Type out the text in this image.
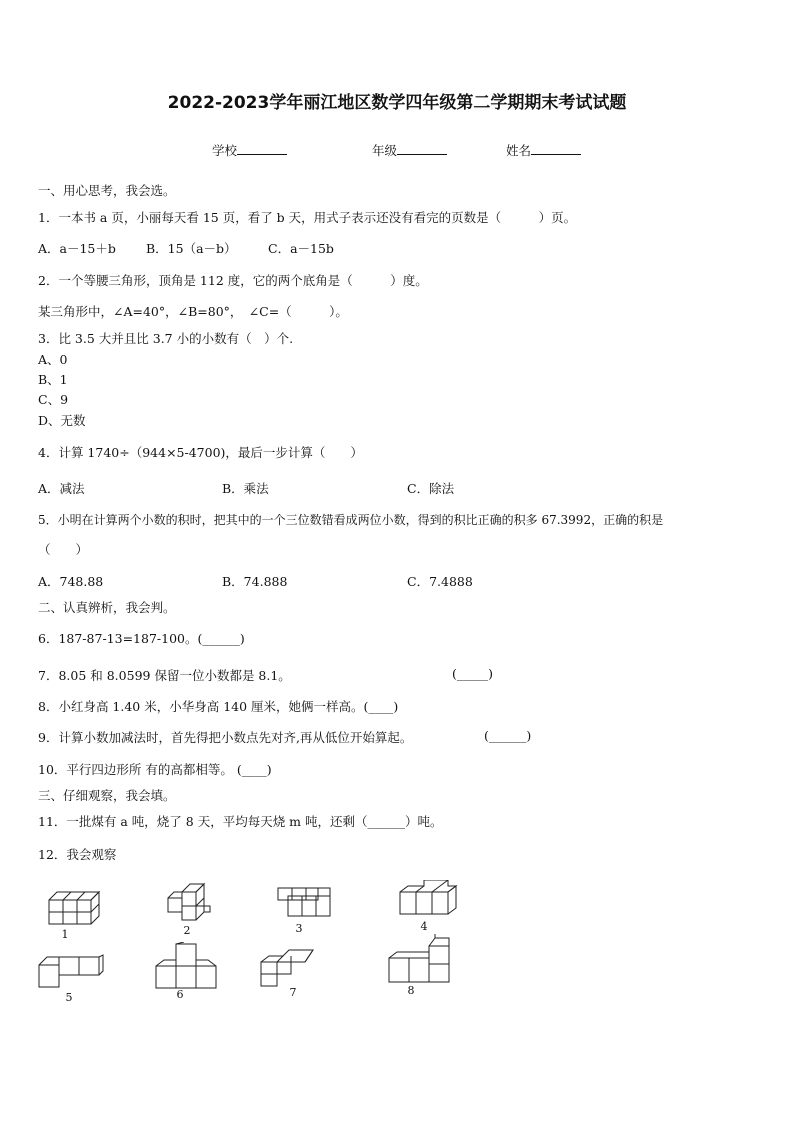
2022-2023学年丽江地区数学四年级第二学期期末考试试题
学校	年级	姓名
一、用心思考，我会选。
1．一本书 a 页，小丽每天看 15 页，看了 b 天，用式子表示还没有看完的页数是（　　　）页。
A．a－15＋b B．15（a－b）	C．a－15b
2．一个等腰三角形，顶角是 112 度，它的两个底角是（　　　）度。
某三角形中，∠A=40°，∠B=80°，　∠C=（　　　）。
3．比 3.5 大并且比 3.7 小的小数有（　）个.
A、0
B、1
C、9
D、无数
4．计算 1740÷（944×5-4700)，最后一步计算（　　）
A．减法	B．乘法	C．除法
5．小明在计算两个小数的积时，把其中的一个三位数错看成两位小数，得到的积比正确的积多 67.3992，正确的积是
（　　）
A．748.88	B．74.888	C．7.4888
二、认真辨析，我会判。
6．187-87-13=187-100。(______)
7．8.05 和 8.0599 保留一位小数都是 8.1。	(_____)
8．小红身高 1.40 米，小华身高 140 厘米，她俩一样高。(____)
9．计算小数加减法时，首先得把小数点先对齐,再从低位开始算起。	(______)
10．平行四边形所 有的高都相等。 (____)
三、仔细观察，我会填。
11．一批煤有 a 吨，烧了 8 天，平均每天烧 m 吨，还剩（______）吨。
12．我会观察
1	2	3	4
5	6	7	8
